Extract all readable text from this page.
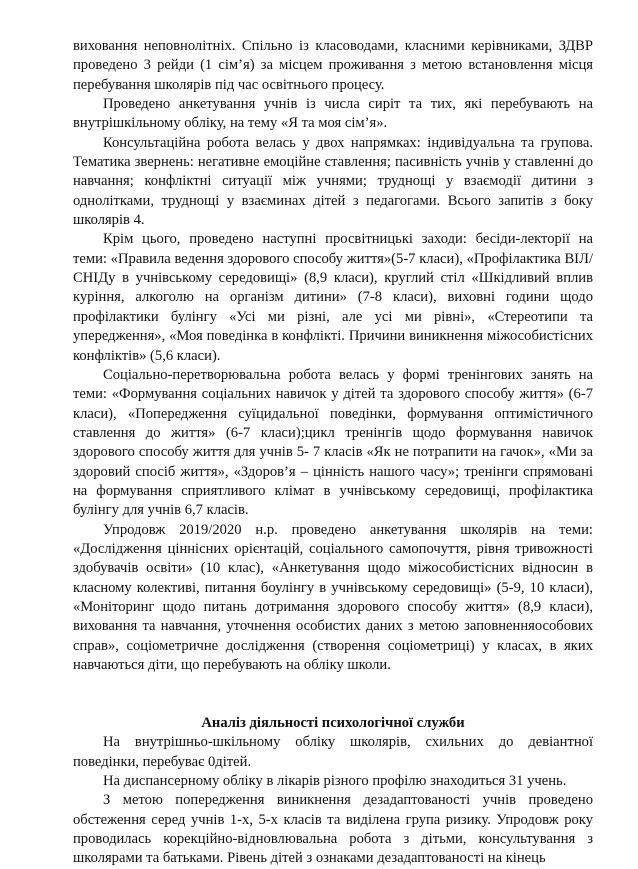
виховання неповнолітніх. Спільно із класоводами, класними керівниками, ЗДВР проведено 3 рейди (1 сім’я) за місцем проживання з метою встановлення місця перебування школярів під час освітнього процесу.

Проведено анкетування учнів із числа сиріт та тих, які перебувають на внутрішкільному обліку, на тему «Я та моя сім’я».

Консультаційна робота велась у двох напрямках: індивідуальна та групова. Тематика звернень: негативне емоційне ставлення; пасивність учнів у ставленні до навчання; конфліктні ситуації між учнями; труднощі у взаємодії дитини з однолітками, труднощі у взаєминах дітей з педагогами. Всього запитів з боку школярів 4.

Крім цього, проведено наступні просвітницькі заходи: бесіди-лекторії на теми: «Правила ведення здорового способу життя»(5-7 класи), «Профілактика ВІЛ/СНІДу в учнівському середовищі» (8,9 класи), круглий стіл «Шкідливий вплив куріння, алкоголю на організм дитини» (7-8 класи), виховні години щодо профілактики булінгу «Усі ми різні, але усі ми рівні», «Стереотипи та упередження», «Моя поведінка в конфлікті. Причини виникнення міжособистісних конфліктів» (5,6 класи).

Соціально-перетворювальна робота велась у формі тренінгових занять на теми: «Формування соціальних навичок у дітей та здорового способу життя» (6-7 класи), «Попередження суїцидальної поведінки, формування оптимістичного ставлення до життя» (6-7 класи);цикл тренінгів щодо формування навичок здорового способу життя для учнів 5- 7 класів «Як не потрапити на гачок», «Ми за здоровий спосіб життя», «Здоров’я – цінність нашого часу»; тренінги спрямовані на формування сприятливого клімат в учнівському середовищі, профілактика булінгу для учнів 6,7 класів.

Упродовж 2019/2020 н.р. проведено анкетування школярів на теми: «Дослідження ціннісних орієнтацій, соціального самопочуття, рівня тривожності здобувачів освіти» (10 клас), «Анкетування щодо міжособистісних відносин в класному колективі, питання боулінгу в учнівському середовищі» (5-9, 10 класи), «Моніторинг щодо питань дотримання здорового способу життя» (8,9 класи), виховання та навчання, уточнення особистих даних з метою заповненняособових справ», соціометричне дослідження (створення соціометриці) у класах, в яких навчаються діти, що перебувають на обліку школи.

Аналіз діяльності психологічної служби

На внутрішньо-шкільному обліку школярів, схильних до девіантної поведінки, перебуває 0дітей.

На диспансерному обліку в лікарів різного профілю знаходиться 31 учень.

З метою попередження виникнення дезадаптованості учнів проведено обстеження серед учнів 1-х, 5-х класів та виділена група ризику. Упродовж року проводилась корекційно-відновлювальна робота з дітьми, консультування з школярами та батьками. Рівень дітей з ознаками дезадаптованості на кінець
